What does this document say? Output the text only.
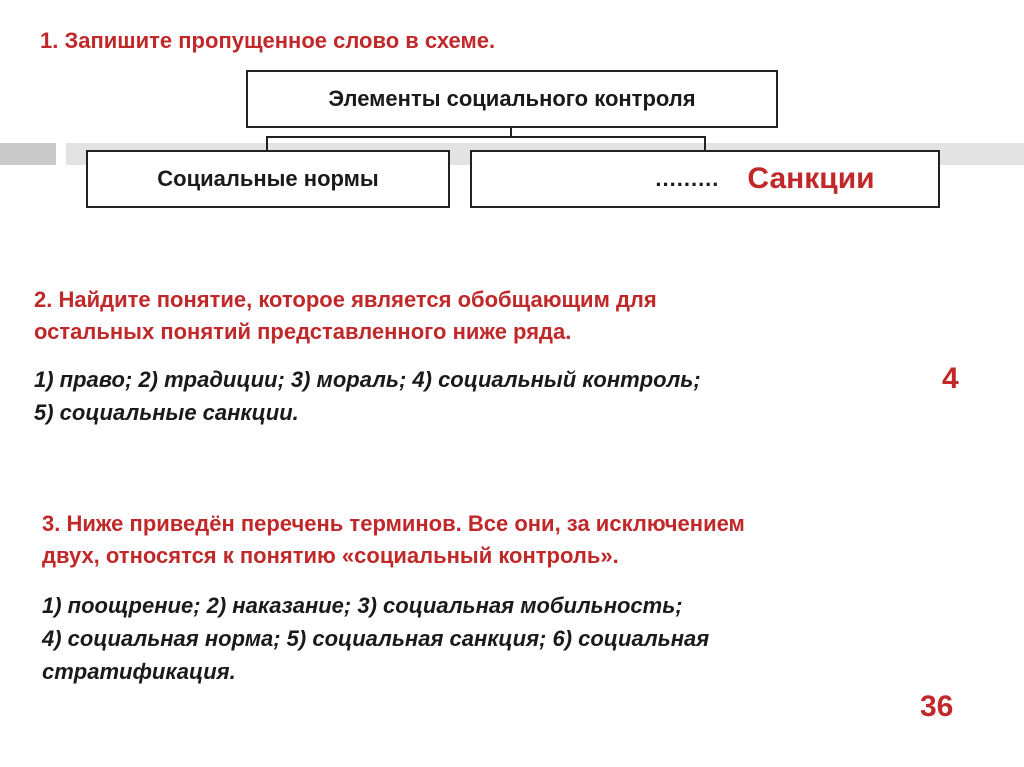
1. Запишите пропущенное слово в схеме.
Элементы социального контроля
Социальные нормы	......... Санкции
2. Найдите понятие, которое является обобщающим для
остальных понятий представленного ниже ряда.
1) право; 2) традиции; 3) мораль; 4) социальный контроль;
5) социальные санкции.
4
3. Ниже приведён перечень терминов. Все они, за исключением
двух, относятся к понятию «социальный контроль».
1) поощрение; 2) наказание; 3) социальная мобильность;
4) социальная норма; 5) социальная санкция; 6) социальная
стратификация.
36
